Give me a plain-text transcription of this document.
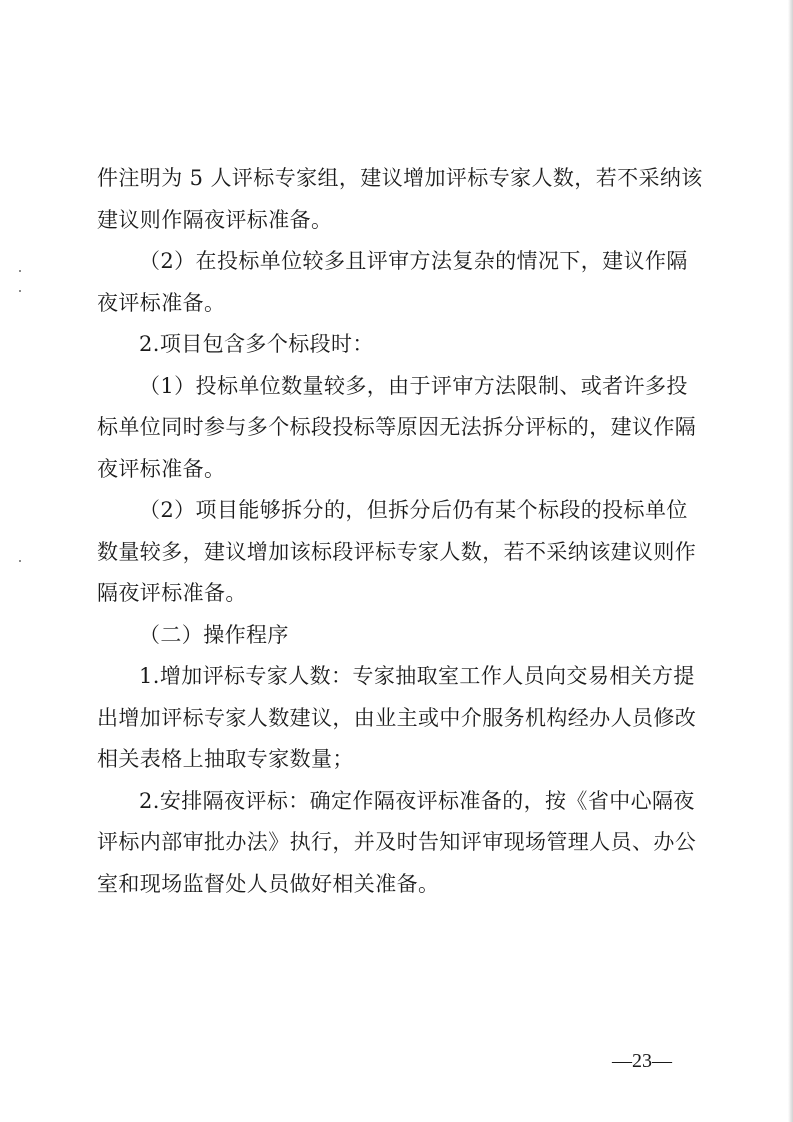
件注明为 5 人评标专家组，建议增加评标专家人数，若不采纳该
建议则作隔夜评标准备。

（2）在投标单位较多且评审方法复杂的情况下，建议作隔
夜评标准备。

2.项目包含多个标段时：

（1）投标单位数量较多，由于评审方法限制、或者许多投
标单位同时参与多个标段投标等原因无法拆分评标的，建议作隔
夜评标准备。

（2）项目能够拆分的，但拆分后仍有某个标段的投标单位
数量较多，建议增加该标段评标专家人数，若不采纳该建议则作
隔夜评标准备。

（二）操作程序

1.增加评标专家人数：专家抽取室工作人员向交易相关方提
出增加评标专家人数建议，由业主或中介服务机构经办人员修改
相关表格上抽取专家数量；

2.安排隔夜评标：确定作隔夜评标准备的，按《省中心隔夜
评标内部审批办法》执行，并及时告知评审现场管理人员、办公
室和现场监督处人员做好相关准备。

—23—
